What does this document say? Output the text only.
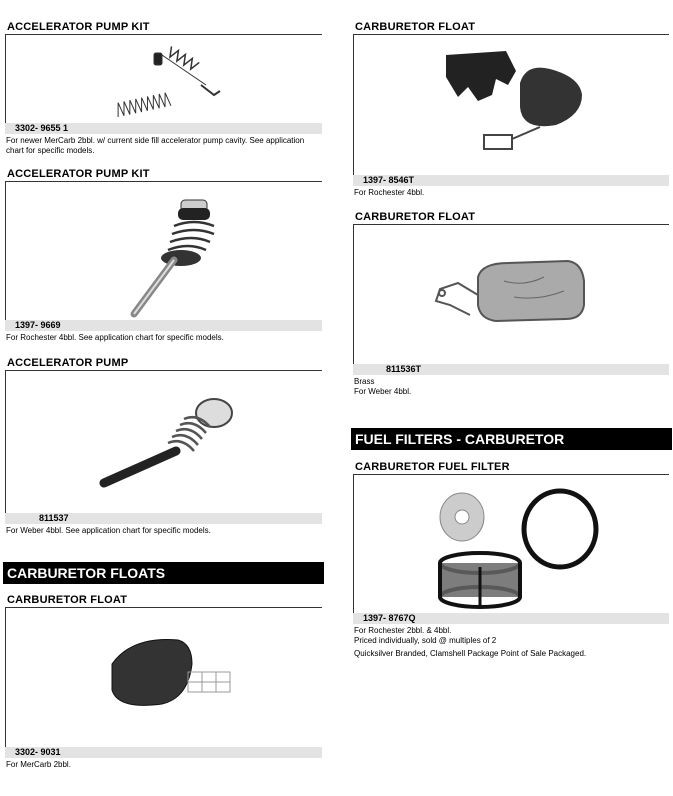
ACCELERATOR PUMP KIT
3302- 9655 1
For newer MerCarb 2bbl. w/ current side fill accelerator pump cavity. See application chart for specific models.
ACCELERATOR PUMP KIT
1397- 9669
For Rochester 4bbl. See application chart for specific models.
ACCELERATOR PUMP
811537
For Weber 4bbl. See application chart for specific models.
CARBURETOR FLOATS
CARBURETOR FLOAT
3302- 9031
For MerCarb 2bbl.
CARBURETOR FLOAT
1397- 8546T
For Rochester 4bbl.
CARBURETOR FLOAT
811536T
Brass
For Weber 4bbl.
FUEL FILTERS - CARBURETOR
CARBURETOR FUEL FILTER
1397- 8767Q
For Rochester 2bbl. & 4bbl.
Priced individually, sold @ multiples of 2
Quicksilver Branded, Clamshell Package Point of Sale Packaged.
